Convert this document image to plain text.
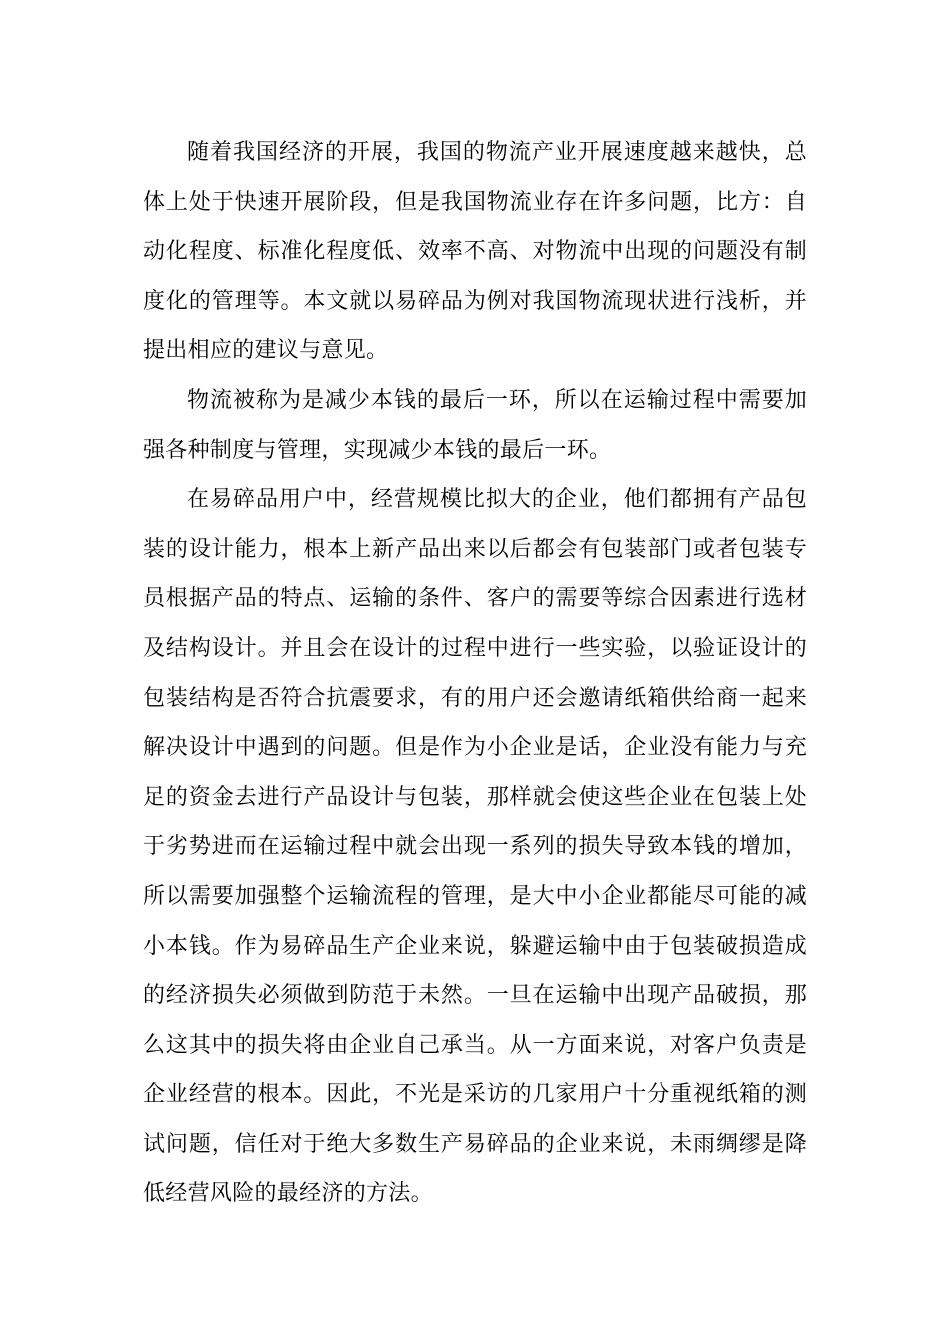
随着我国经济的开展，我国的物流产业开展速度越来越快，总体上处于快速开展阶段，但是我国物流业存在许多问题，比方：自动化程度、标准化程度低、效率不高、对物流中出现的问题没有制度化的管理等。本文就以易碎品为例对我国物流现状进行浅析，并提出相应的建议与意见。

物流被称为是减少本钱的最后一环，所以在运输过程中需要加强各种制度与管理，实现减少本钱的最后一环。

在易碎品用户中，经营规模比拟大的企业，他们都拥有产品包装的设计能力，根本上新产品出来以后都会有包装部门或者包装专员根据产品的特点、运输的条件、客户的需要等综合因素进行选材及结构设计。并且会在设计的过程中进行一些实验，以验证设计的包装结构是否符合抗震要求，有的用户还会邀请纸箱供给商一起来解决设计中遇到的问题。但是作为小企业是话，企业没有能力与充足的资金去进行产品设计与包装，那样就会使这些企业在包装上处于劣势进而在运输过程中就会出现一系列的损失导致本钱的增加，所以需要加强整个运输流程的管理，是大中小企业都能尽可能的减小本钱。作为易碎品生产企业来说，躲避运输中由于包装破损造成的经济损失必须做到防范于未然。一旦在运输中出现产品破损，那么这其中的损失将由企业自己承当。从一方面来说，对客户负责是企业经营的根本。因此，不光是采访的几家用户十分重视纸箱的测试问题，信任对于绝大多数生产易碎品的企业来说，未雨绸缪是降低经营风险的最经济的方法。
